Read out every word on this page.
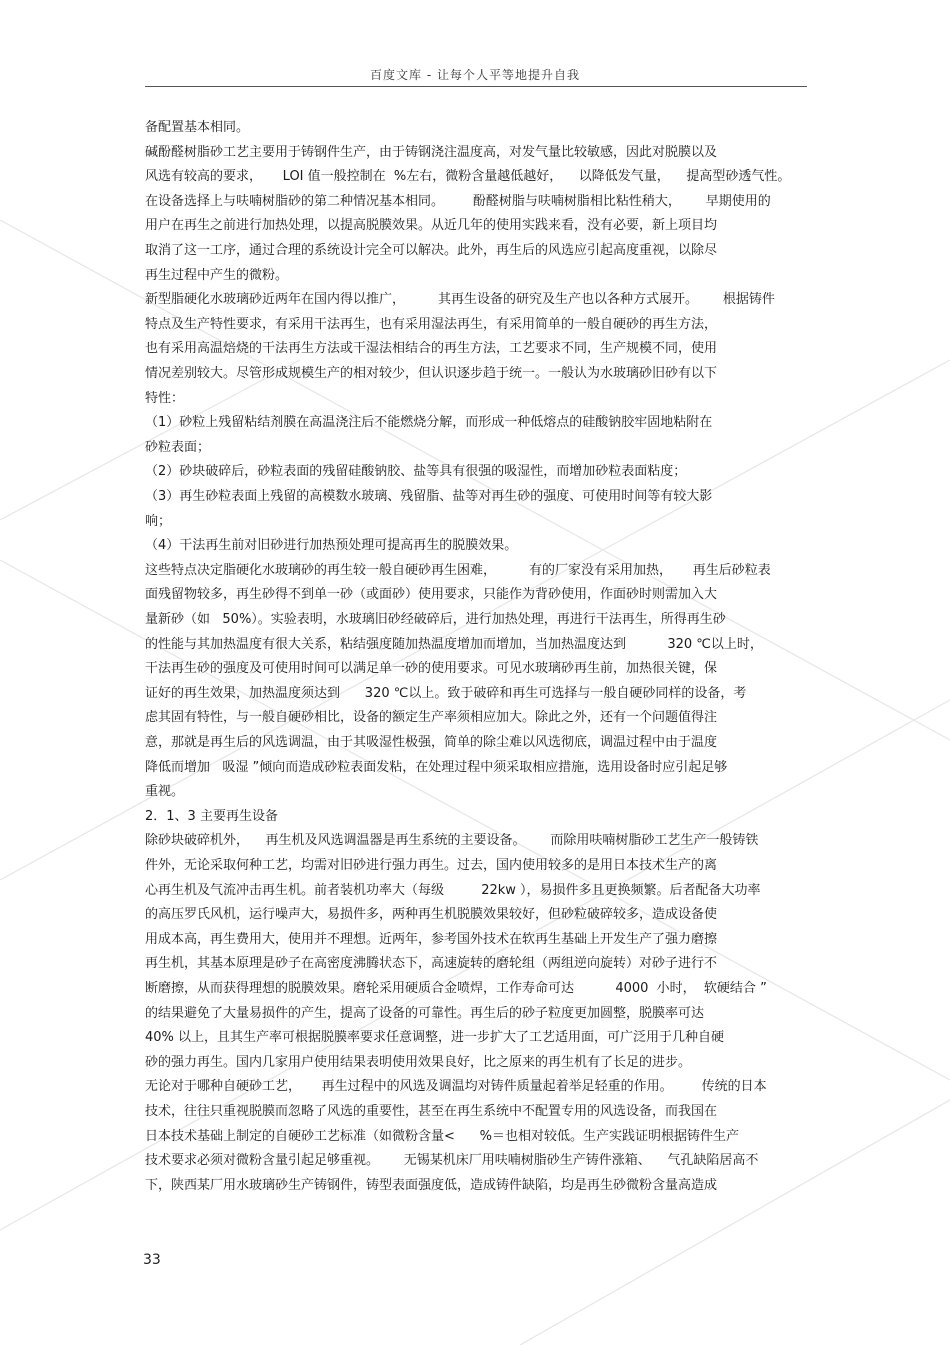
百度文库 - 让每个人平等地提升自我
备配置基本相同。
碱酚醛树脂砂工艺主要用于铸钢件生产，由于铸钢浇注温度高，对发气量比较敏感，因此对脱膜以及
风选有较高的要求，     LOI 值一般控制在  %左右，微粉含量越低越好，    以降低发气量，    提高型砂透气性。
在设备选择上与呋喃树脂砂的第二种情况基本相同。       酚醛树脂与呋喃树脂相比粘性稍大，      早期使用的
用户在再生之前进行加热处理，以提高脱膜效果。从近几年的使用实践来看，没有必要，新上项目均
取消了这一工序，通过合理的系统设计完全可以解决。此外，再生后的风选应引起高度重视，以除尽
再生过程中产生的微粉。
新型脂硬化水玻璃砂近两年在国内得以推广，        其再生设备的研究及生产也以各种方式展开。      根据铸件
特点及生产特性要求，有采用干法再生，也有采用湿法再生，有采用简单的一般自硬砂的再生方法，
也有采用高温焙烧的干法再生方法或干湿法相结合的再生方法，工艺要求不同，生产规模不同，使用
情况差别较大。尽管形成规模生产的相对较少，但认识逐步趋于统一。一般认为水玻璃砂旧砂有以下
特性：
（1）砂粒上残留粘结剂膜在高温浇注后不能燃烧分解，而形成一种低熔点的硅酸钠胶牢固地粘附在
砂粒表面；
（2）砂块破碎后，砂粒表面的残留硅酸钠胶、盐等具有很强的吸湿性，而增加砂粒表面粘度；
（3）再生砂粒表面上残留的高模数水玻璃、残留脂、盐等对再生砂的强度、可使用时间等有较大影
响；
（4）干法再生前对旧砂进行加热预处理可提高再生的脱膜效果。
这些特点决定脂硬化水玻璃砂的再生较一般自硬砂再生困难，        有的厂家没有采用加热，     再生后砂粒表
面残留物较多，再生砂得不到单一砂（或面砂）使用要求，只能作为背砂使用，作面砂时则需加入大
量新砂（如   50%）。实验表明，水玻璃旧砂经破碎后，进行加热处理，再进行干法再生，所得再生砂
的性能与其加热温度有很大关系，粘结强度随加热温度增加而增加，当加热温度达到          320 ℃以上时，
干法再生砂的强度及可使用时间可以满足单一砂的使用要求。可见水玻璃砂再生前，加热很关键，保
证好的再生效果，加热温度须达到      320 ℃以上。致于破碎和再生可选择与一般自硬砂同样的设备，考
虑其固有特性，与一般自硬砂相比，设备的额定生产率须相应加大。除此之外，还有一个问题值得注
意，那就是再生后的风选调温，由于其吸湿性极强，简单的除尘难以风选彻底，调温过程中由于温度
降低而增加   吸湿 ”倾向而造成砂粒表面发粘，在处理过程中须采取相应措施，选用设备时应引起足够
重视。
2．1、3 主要再生设备
除砂块破碎机外，    再生机及风选调温器是再生系统的主要设备。      而除用呋喃树脂砂工艺生产一般铸铁
件外，无论采取何种工艺，均需对旧砂进行强力再生。过去，国内使用较多的是用日本技术生产的离
心再生机及气流冲击再生机。前者装机功率大（每级         22kw ），易损件多且更换频繁。后者配备大功率
的高压罗氏风机，运行噪声大，易损件多，两种再生机脱膜效果较好，但砂粒破碎较多，造成设备使
用成本高，再生费用大，使用并不理想。近两年，参考国外技术在软再生基础上开发生产了强力磨擦
再生机，其基本原理是砂子在高密度沸腾状态下，高速旋转的磨轮组（两组逆向旋转）对砂子进行不
断磨擦，从而获得理想的脱膜效果。磨轮采用硬质合金喷焊，工作寿命可达          4000  小时，  软硬结合 ”
的结果避免了大量易损件的产生，提高了设备的可靠性。再生后的砂子粒度更加圆整，脱膜率可达
40% 以上，且其生产率可根据脱膜率要求任意调整，进一步扩大了工艺适用面，可广泛用于几种自硬
砂的强力再生。国内几家用户使用结果表明使用效果良好，比之原来的再生机有了长足的进步。
无论对于哪种自硬砂工艺，     再生过程中的风选及调温均对铸件质量起着举足轻重的作用。       传统的日本
技术，往往只重视脱膜而忽略了风选的重要性，甚至在再生系统中不配置专用的风选设备，而我国在
日本技术基础上制定的自硬砂工艺标准（如微粉含量<      %＝也相对较低。生产实践证明根据铸件生产
技术要求必须对微粉含量引起足够重视。      无锡某机床厂用呋喃树脂砂生产铸件涨箱、    气孔缺陷居高不
下，陕西某厂用水玻璃砂生产铸钢件，铸型表面强度低，造成铸件缺陷，均是再生砂微粉含量高造成
33
